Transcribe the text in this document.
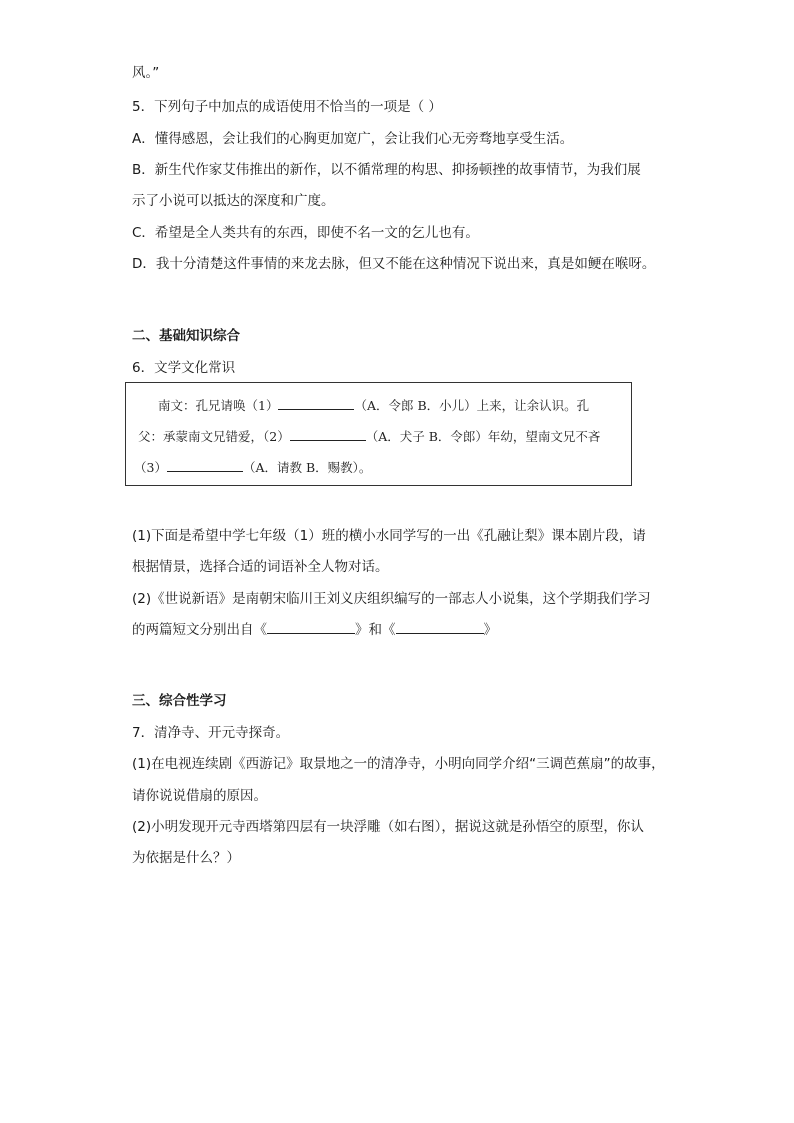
风。”
5．下列句子中加点的成语使用不恰当的一项是（ ）
A．懂得感恩，会让我们的心胸更加宽广，会让我们心无旁骛地享受生活。
B．新生代作家艾伟推出的新作，以不循常理的构思、抑扬顿挫的故事情节，为我们展
示了小说可以抵达的深度和广度。
C．希望是全人类共有的东西，即使不名一文的乞儿也有。
D．我十分清楚这件事情的来龙去脉，但又不能在这种情况下说出来，真是如鲠在喉呀。
二、基础知识综合
6．文学文化常识
南文：孔兄请唤（1）	（A．令郎 B．小儿）上来，让余认识。孔
父：承蒙南文兄错爱，（2）	（A．犬子 B．令郎）年幼，望南文兄不吝
（3）	（A．请教 B．赐教）。
(1)下面是希望中学七年级（1）班的横小水同学写的一出《孔融让梨》课本剧片段，请
根据情景，选择合适的词语补全人物对话。
(2)《世说新语》是南朝宋临川王刘义庆组织编写的一部志人小说集，这个学期我们学习
的两篇短文分别出自《	》和《	》
三、综合性学习
7．清净寺、开元寺探奇。
(1)在电视连续剧《西游记》取景地之一的清净寺，小明向同学介绍“三调芭蕉扇”的故事，
请你说说借扇的原因。
(2)小明发现开元寺西塔第四层有一块浮雕（如右图），据说这就是孙悟空的原型，你认
为依据是什么？）
